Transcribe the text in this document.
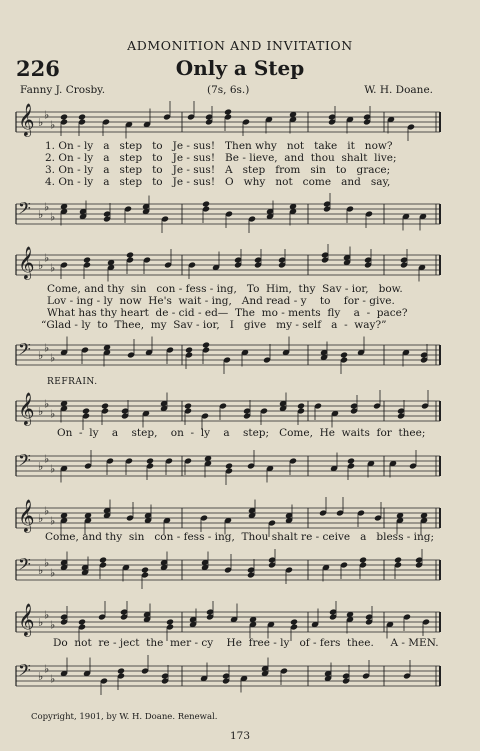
ADMONITION AND INVITATION
226	Only a Step
Fanny J. Crosby.	(7s, 6s.)	W. H. Doane.
𝄞 ♭
♭
♭
1. On - ly   a   step   to   Je - sus!   Then why   not   take   it   now?
2. On - ly   a   step   to   Je - sus!   Be - lieve,  and  thou  shalt  live;
3. On - ly   a   step   to   Je - sus!   A   step   from   sin   to   grace;
4. On - ly   a   step   to   Je - sus!   O   why   not   come   and   say,
𝄢 ♭
♭
♭
𝄞 ♭
♭
♭
Come, and thy  sin   con - fess - ing,   To  Him,  thy  Sav - ior,   bow.
Lov - ing - ly  now  He's  wait - ing,   And read - y    to    for - give.
What has thy heart  de - cid - ed—  The  mo - ments  fly    a  -  pace?
“Glad - ly  to  Thee,  my  Sav - ior,   I   give   my - self   a  -  way?”
𝄢 ♭
♭
♭
REFRAIN.
𝄞 ♭
♭
♭
On  -  ly    a    step,    on  -  ly    a    step;   Come,  He  waits  for  thee;
𝄢 ♭
♭
♭
𝄞 ♭
♭
♭
Come, and thy  sin   con - fess - ing,  Thou shalt re - ceive   a   bless - ing;
𝄢 ♭
♭
♭
𝄞 ♭
♭
♭
Do  not  re - ject  the  mer - cy    He  free - ly   of - fers  thee.     A - MEN.
𝄢 ♭
♭
♭
Copyright, 1901, by W. H. Doane. Renewal.
173
